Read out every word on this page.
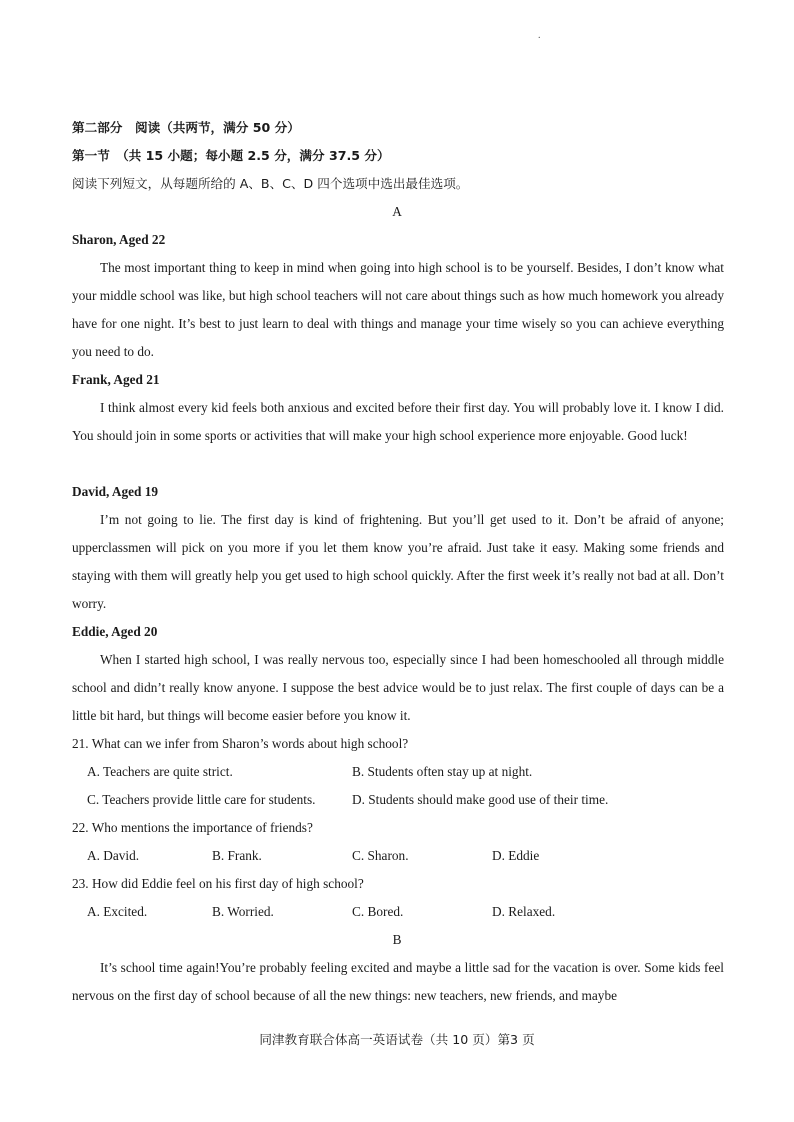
.
第二部分　阅读（共两节，满分 50 分）
第一节　（共 15 小题；每小题 2.5 分，满分 37.5 分）
阅读下列短文，从每题所给的 A、B、C、D 四个选项中选出最佳选项。
A
Sharon, Aged 22

The most important thing to keep in mind when going into high school is to be yourself. Besides, I don’t know what your middle school was like, but high school teachers will not care about things such as how much homework you already have for one night. It’s best to just learn to deal with things and manage your time wisely so you can achieve everything you need to do.

Frank, Aged 21

I think almost every kid feels both anxious and excited before their first day. You will probably love it. I know I did. You should join in some sports or activities that will make your high school experience more enjoyable. Good luck!

David, Aged 19

I’m not going to lie. The first day is kind of frightening. But you’ll get used to it. Don’t be afraid of anyone; upperclassmen will pick on you more if you let them know you’re afraid. Just take it easy. Making some friends and staying with them will greatly help you get used to high school quickly. After the first week it’s really not bad at all. Don’t worry.

Eddie, Aged 20

When I started high school, I was really nervous too, especially since I had been homeschooled all through middle school and didn’t really know anyone. I suppose the best advice would be to just relax. The first couple of days can be a little bit hard, but things will become easier before you know it.

21. What can we infer from Sharon’s words about high school?
A. Teachers are quite strict.	B. Students often stay up at night.
C. Teachers provide little care for students.	D. Students should make good use of their time.
22. Who mentions the importance of friends?
A. David.	B. Frank.	C. Sharon.	D. Eddie
23. How did Eddie feel on his first day of high school?
A. Excited.	B. Worried.	C. Bored.	D. Relaxed.
B

It’s school time again!You’re probably feeling excited and maybe a little sad for the vacation is over. Some kids feel nervous on the first day of school because of all the new things: new teachers, new friends, and maybe

同津教育联合体高一英语试卷（共 10 页）第3 页
